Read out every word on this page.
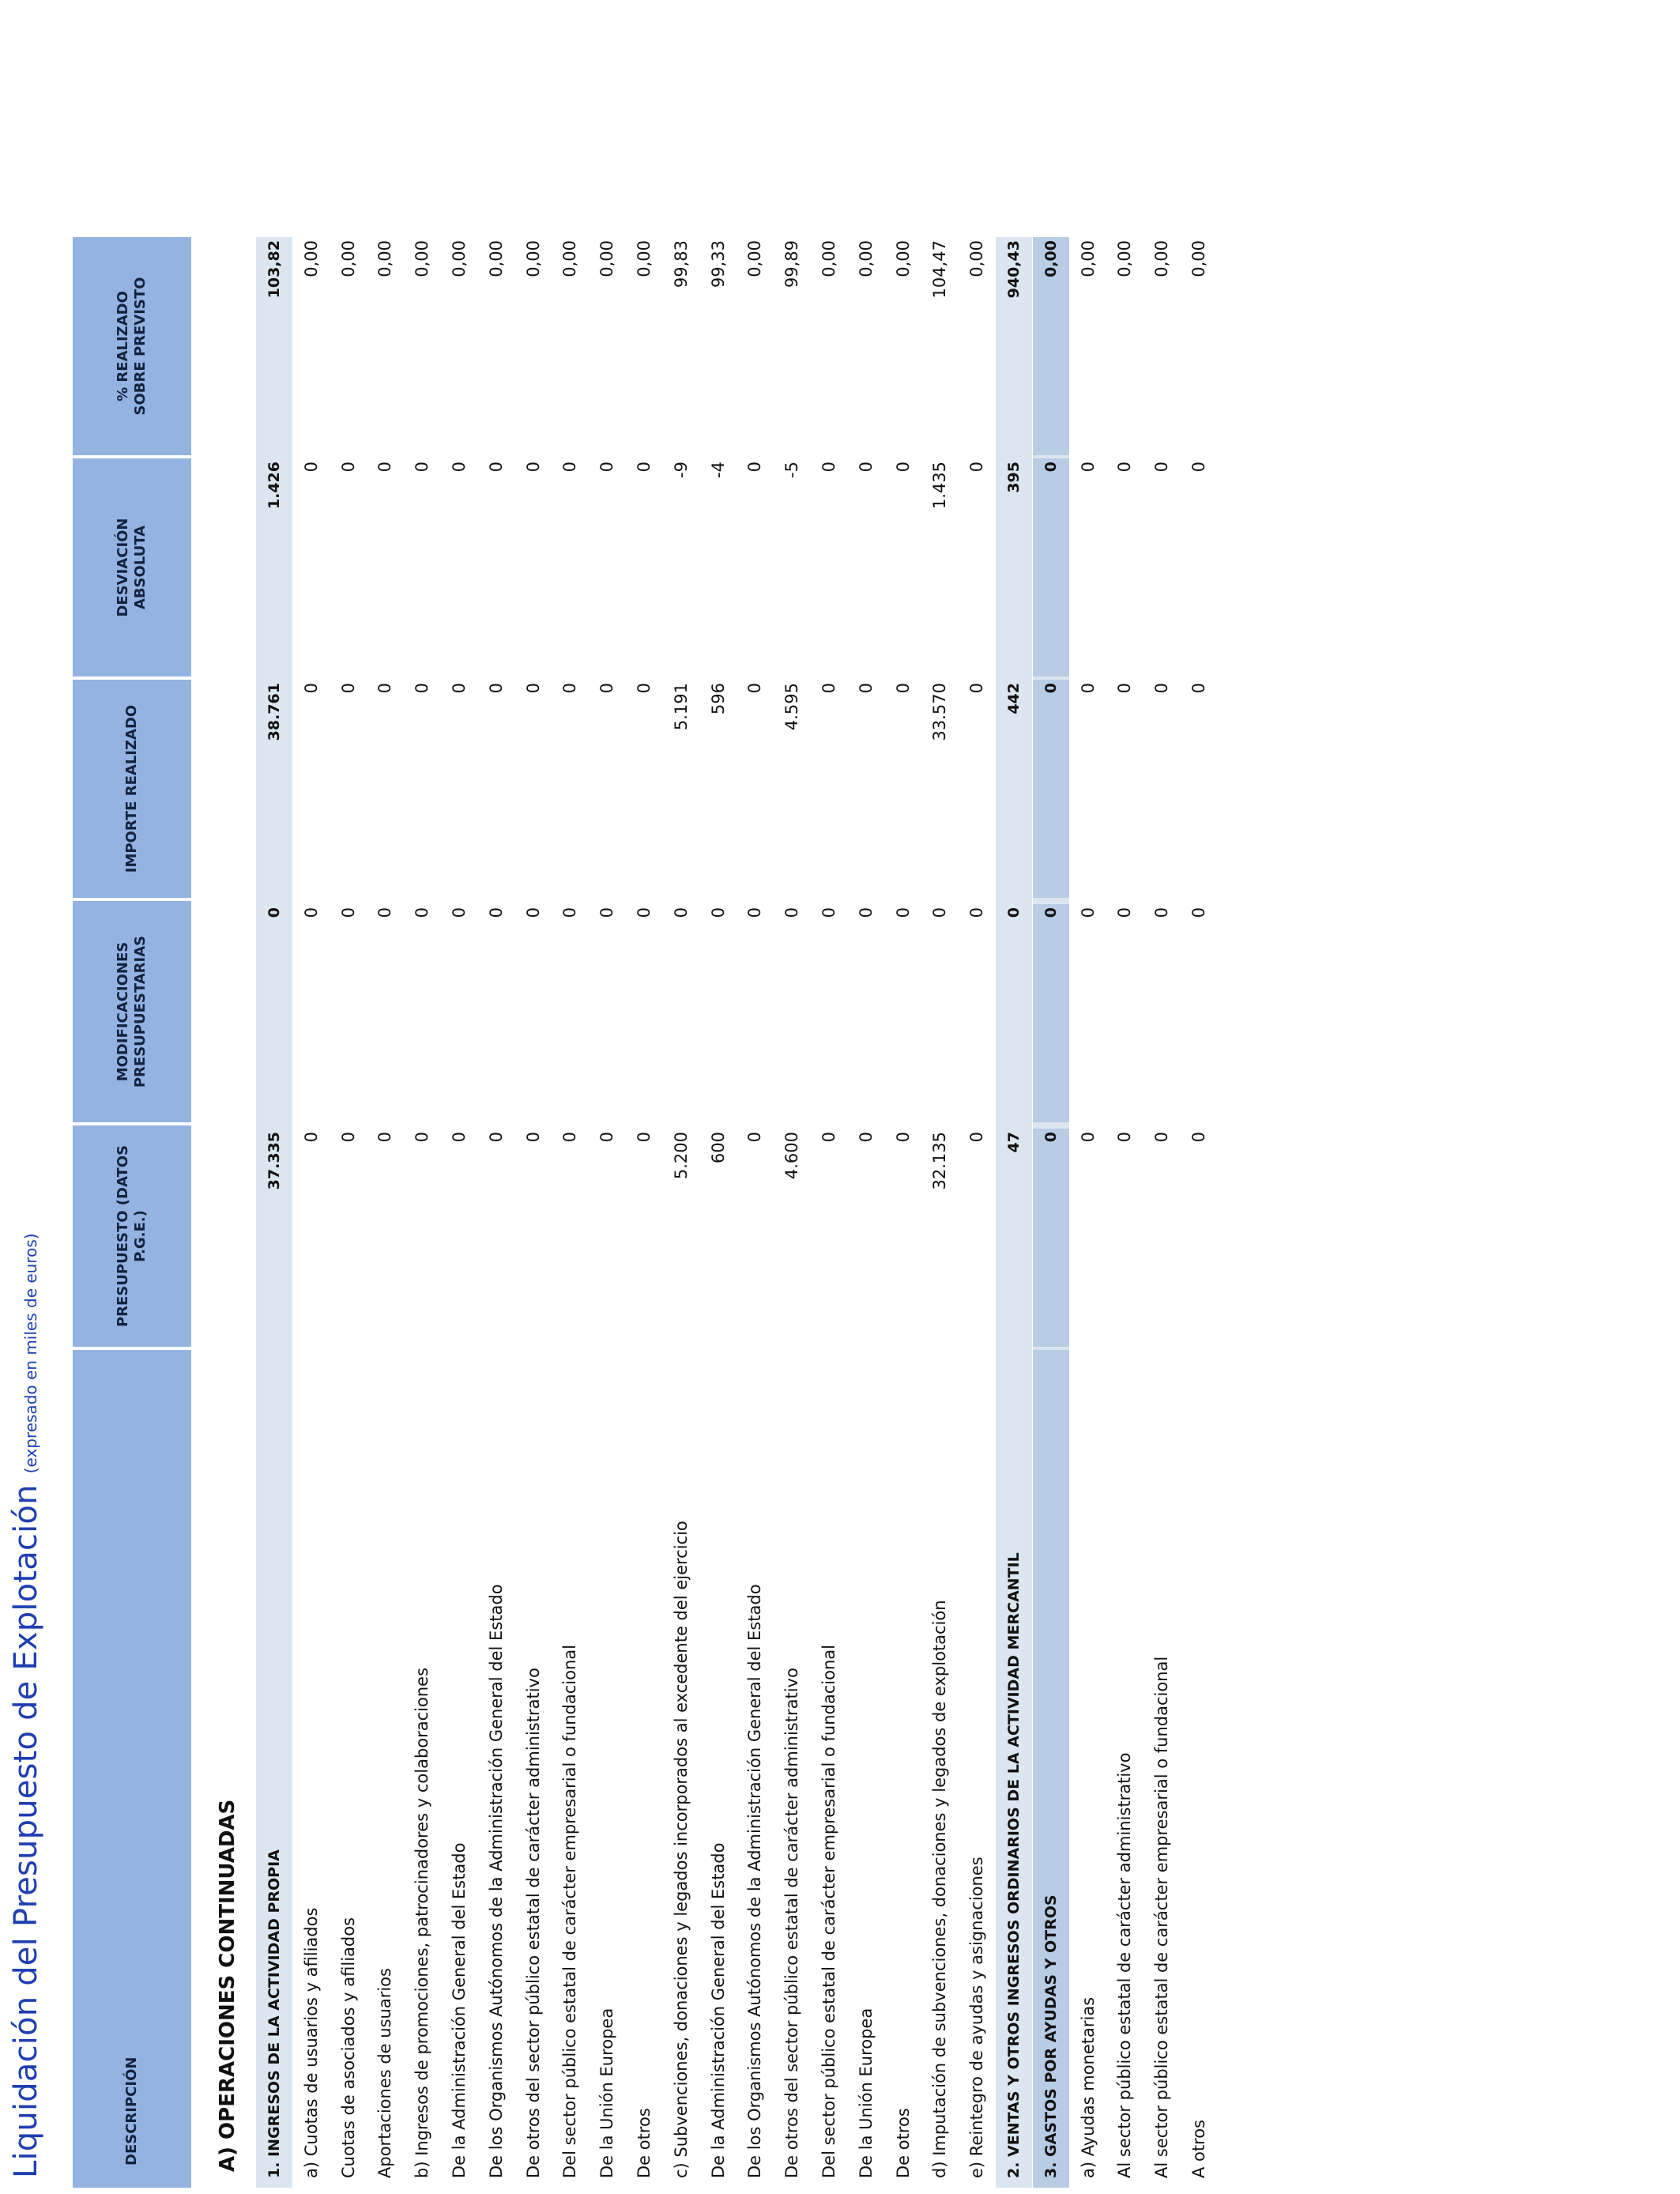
Liquidación del Presupuesto de Explotación
(expresado en miles de euros)
DESCRIPCIÓN
PRESUPUESTO (DATOS
P.G.E.)
MODIFICACIONES
PRESUPUESTARIAS
IMPORTE REALIZADO
DESVIACIÓN
ABSOLUTA
% REALIZADO
SOBRE PREVISTO
A) OPERACIONES CONTINUADAS	1. INGRESOS DE LA ACTIVIDAD PROPIA
37.335
0
38.761
1.426
103,82
a) Cuotas de usuarios y afiliados
0
0
0
0
0,00
Cuotas de asociados y afiliados
0
0
0
0
0,00
Aportaciones de usuarios
0
0
0
0
0,00
b) Ingresos de promociones, patrocinadores y colaboraciones
0
0
0
0
0,00
De la Administración General del Estado
0
0
0
0
0,00
De los Organismos Autónomos de la Administración General del Estado
0
0
0
0
0,00
De otros del sector público estatal de carácter administrativo
0
0
0
0
0,00
Del sector público estatal de carácter empresarial o fundacional
0
0
0
0
0,00
De la Unión Europea
0
0
0
0
0,00
De otros
0
0
0
0
0,00
c) Subvenciones, donaciones y legados incorporados al excedente del ejercicio
5.200
0
5.191
-9
99,83
De la Administración General del Estado
600
0
596
-4
99,33
De los Organismos Autónomos de la Administración General del Estado
0
0
0
0
0,00
De otros del sector público estatal de carácter administrativo
4.600
0
4.595
-5
99,89
Del sector público estatal de carácter empresarial o fundacional
0
0
0
0
0,00
De la Unión Europea
0
0
0
0
0,00
De otros
0
0
0
0
0,00
d) Imputación de subvenciones, donaciones y legados de explotación
32.135
0
33.570
1.435
104,47
e) Reintegro de ayudas y asignaciones
0
0
0
0
0,00
2. VENTAS Y OTROS INGRESOS ORDINARIOS DE LA ACTIVIDAD MERCANTIL
47
0
442
395
940,43
3. GASTOS POR AYUDAS Y OTROS
0
0
0
0
0,00
a) Ayudas monetarias
0
0
0
0
0,00
Al sector público estatal de carácter administrativo
0
0
0
0
0,00
Al sector público estatal de carácter empresarial o fundacional
0
0
0
0
0,00
A otros
0
0
0
0
0,00
